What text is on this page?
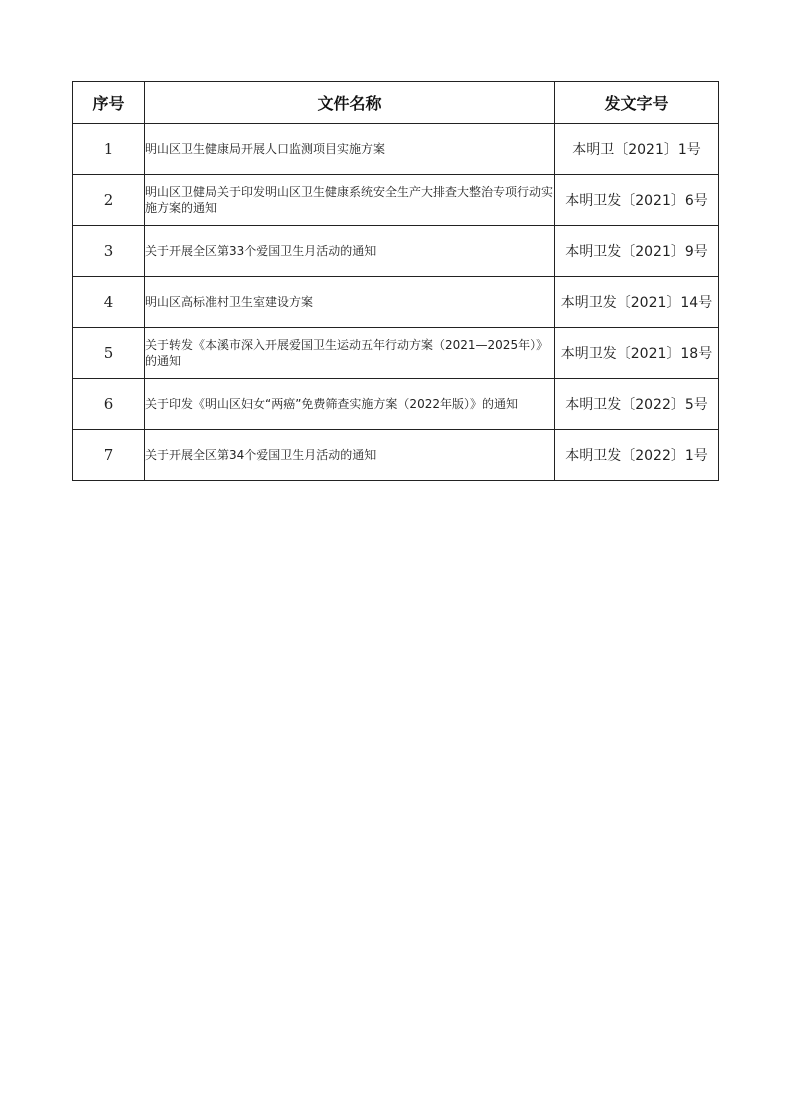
序号	文件名称	发文字号
1	明山区卫生健康局开展人口监测项目实施方案	本明卫〔2021〕1号
2	明山区卫健局关于印发明山区卫生健康系统安全生产大排查大整治专项行动实施方案的通知	本明卫发〔2021〕6号
3	关于开展全区第33个爱国卫生月活动的通知	本明卫发〔2021〕9号
4	明山区高标准村卫生室建设方案	本明卫发〔2021〕14号
5	关于转发《本溪市深入开展爱国卫生运动五年行动方案（2021—2025年）》的通知	本明卫发〔2021〕18号
6	关于印发《明山区妇女“两癌”免费筛查实施方案（2022年版）》的通知	本明卫发〔2022〕5号
7	关于开展全区第34个爱国卫生月活动的通知	本明卫发〔2022〕1号
